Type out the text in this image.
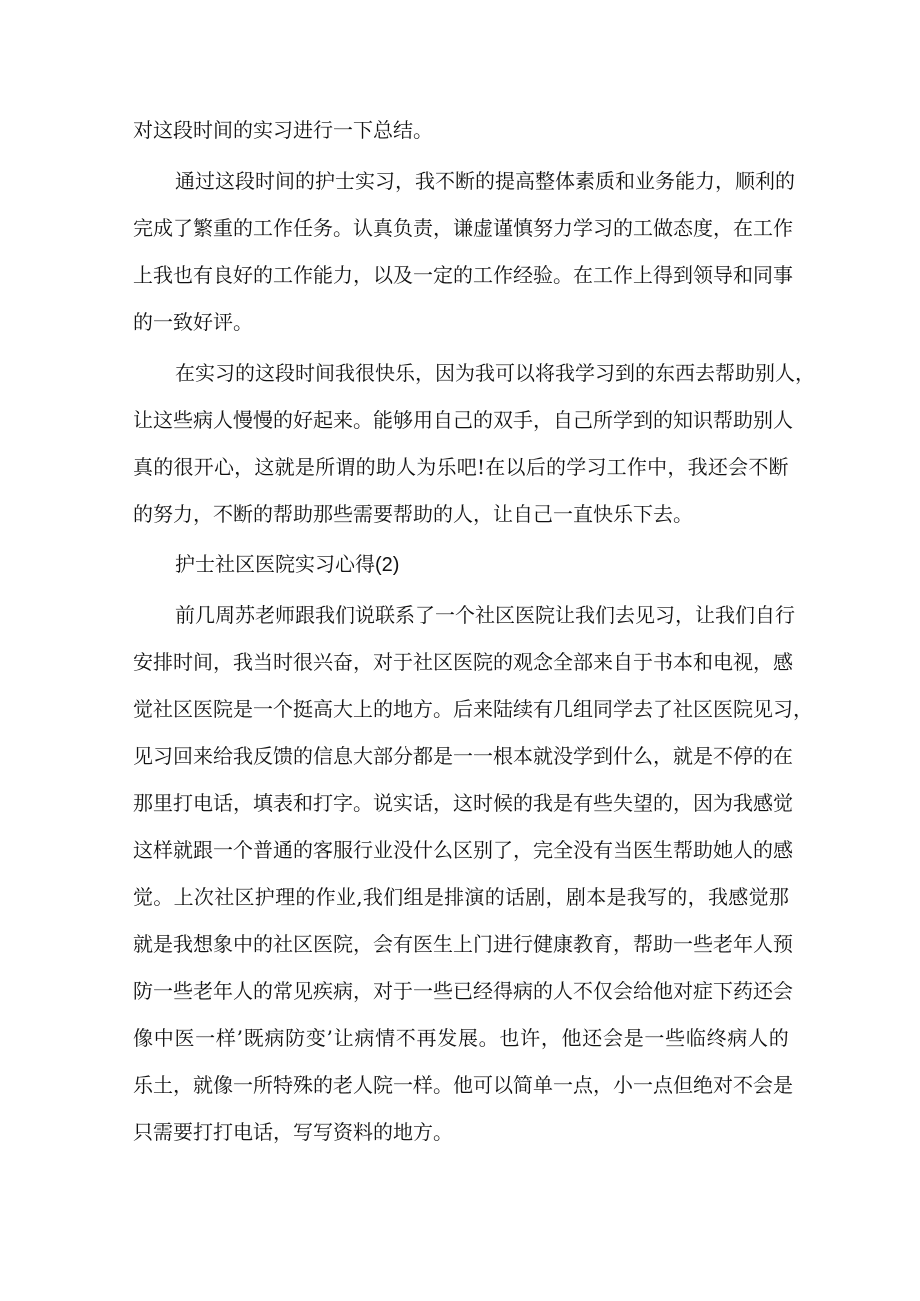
对这段时间的实习进行一下总结。

通 过 这 段 时 间 的 护 士 实 习 ， 我 不 断 的 提 高 整 体 素 质 和 业 务 能 力 ， 顺 利 的

完 成 了 繁 重 的 工 作 任 务 。 认 真 负 责 ， 谦 虚 谨 慎 努 力 学 习 的 工 做 态 度 ， 在 工 作

上 我 也 有 良 好 的 工 作 能 力 ， 以 及 一 定 的 工 作 经 验 。 在 工 作 上 得 到 领 导 和 同 事

的一致好评。

在 实 习 的 这 段 时 间 我 很 快 乐 ， 因 为 我 可 以 将 我 学 习 到 的 东 西 去 帮 助 别 人 ，

让 这 些 病 人 慢 慢 的 好 起 来 。 能 够 用 自 己 的 双 手 ， 自 己 所 学 到 的 知 识 帮 助 别 人

真 的 很 开 心 ， 这 就 是 所 谓 的 助 人 为 乐 吧 ! 在 以 后 的 学 习 工 作 中 ， 我 还 会 不 断

的努力，不断的帮助那些需要帮助的人，让自己一直快乐下去。

护士社区医院实习心得(2)

前 几 周 苏 老 师 跟 我 们 说 联 系 了 一 个 社 区 医 院 让 我 们 去 见 习 ， 让 我 们 自 行

安 排 时 间 ， 我 当 时 很 兴 奋 ， 对 于 社 区 医 院 的 观 念 全 部 来 自 于 书 本 和 电 视 ， 感

觉 社 区 医 院 是 一 个 挺 高 大 上 的 地 方 。 后 来 陆 续 有 几 组 同 学 去 了 社 区 医 院 见 习 ，

见 习 回 来 给 我 反 馈 的 信 息 大 部 分 都 是 一 一 根 本 就 没 学 到 什 么 ， 就 是 不 停 的 在

那 里 打 电 话 ， 填 表 和 打 字 。 说 实 话 ， 这 时 候 的 我 是 有 些 失 望 的 ， 因 为 我 感 觉

这 样 就 跟 一 个 普 通 的 客 服 行 业 没 什 么 区 别 了 ， 完 全 没 有 当 医 生 帮 助 她 人 的 感

觉 。 上 次 社 区 护 理 的 作 业 , 我 们 组 是 排 演 的 话 剧 ， 剧 本 是 我 写 的 ， 我 感 觉 那

就 是 我 想 象 中 的 社 区 医 院 ， 会 有 医 生 上 门 进 行 健 康 教 育 ， 帮 助 一 些 老 年 人 预

防 一 些 老 年 人 的 常 见 疾 病 ， 对 于 一 些 已 经 得 病 的 人 不 仅 会 给 他 对 症 下 药 还 会

像 中 医 一 样 ’ 既 病 防 变 ’ 让 病 情 不 再 发 展 。 也 许 ， 他 还 会 是 一 些 临 终 病 人 的

乐 土 ， 就 像 一 所 特 殊 的 老 人 院 一 样 。 他 可 以 简 单 一 点 ， 小 一 点 但 绝 对 不 会 是

只需要打打电话，写写资料的地方。
